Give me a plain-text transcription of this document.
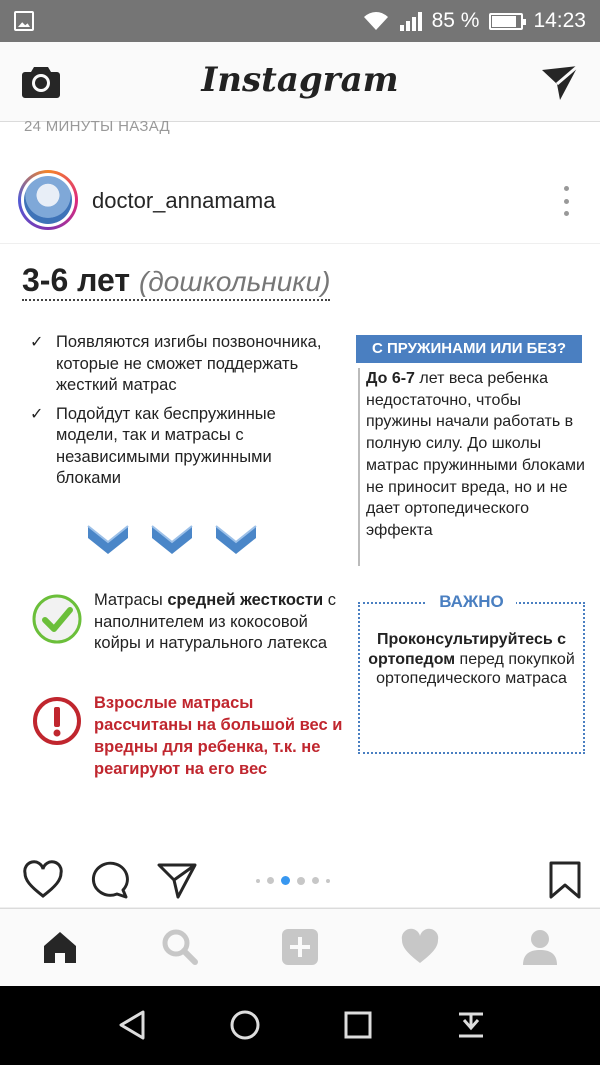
85 %	14:23
Instagram
24 МИНУТЫ НАЗАД
doctor_annamama
3-6 лет (дошкольники)
✓ Появляются изгибы позвоночника, которые не сможет поддержать жесткий матрас
✓ Подойдут как беспружинные модели, так и матрасы с независимыми пружинными блоками
С ПРУЖИНАМИ ИЛИ БЕЗ?
До 6-7 лет веса ребенка недостаточно, чтобы пружины начали работать в полную силу. До школы матрас пружинными блоками не приносит вреда, но и не дает ортопедического эффекта
Матрасы средней жесткости с наполнителем из кокосовой койры и натурального латекса
Взрослые матрасы рассчитаны на большой вес и вредны для ребенка, т.к. не реагируют на его вес
ВАЖНО
Проконсультируйтесь с ортопедом перед покупкой ортопедического матраса
